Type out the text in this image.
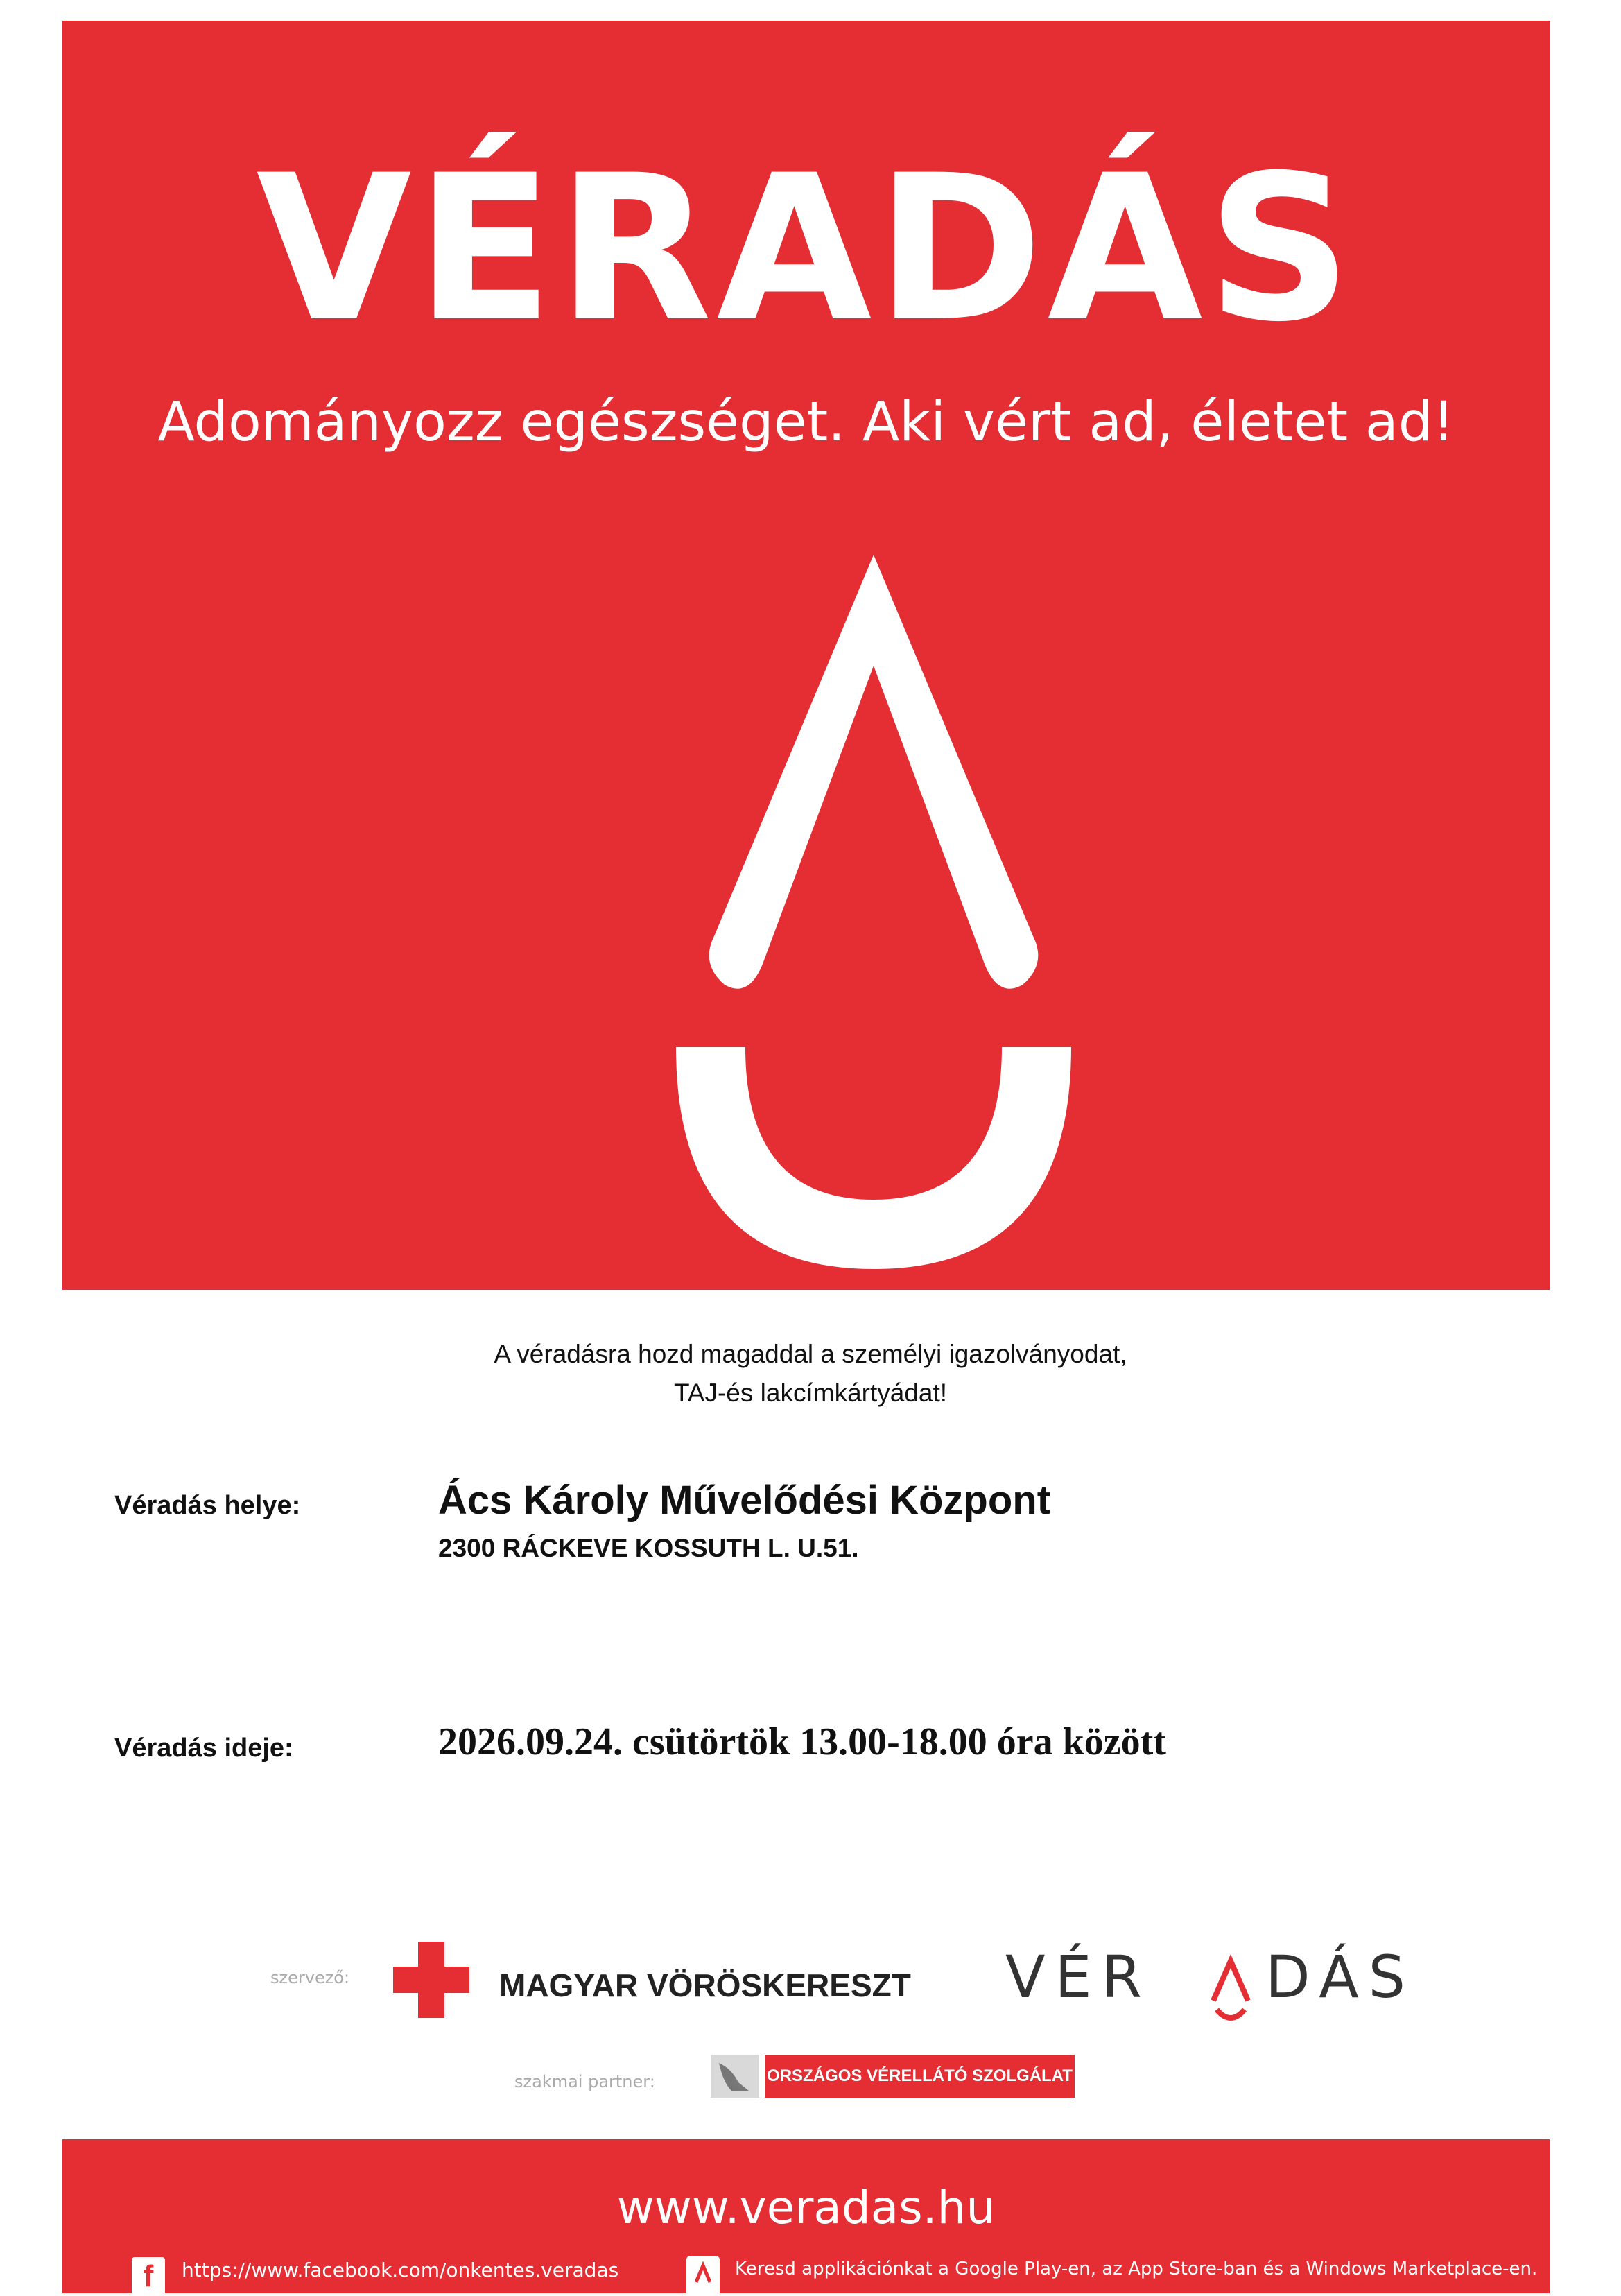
VÉRADÁS
Adományozz egészséget. Aki vért ad, életet ad!
A véradásra hozd magaddal a személyi igazolványodat,
TAJ-és lakcímkártyádat!
Véradás helye:	Ács Károly Művelődési Központ
2300 RÁCKEVE KOSSUTH L. U.51.
Véradás ideje:	2026.09.24. csütörtök 13.00-18.00 óra között
szervező:	MAGYAR VÖRÖSKERESZT VÉR DÁS
szakmai partner:	ORSZÁGOS VÉRELLÁTÓ SZOLGÁLAT
www.veradas.hu
f	https://www.facebook.com/onkentes.veradas	Keresd applikációnkat a Google Play-en, az App Store-ban és a Windows Marketplace-en.
